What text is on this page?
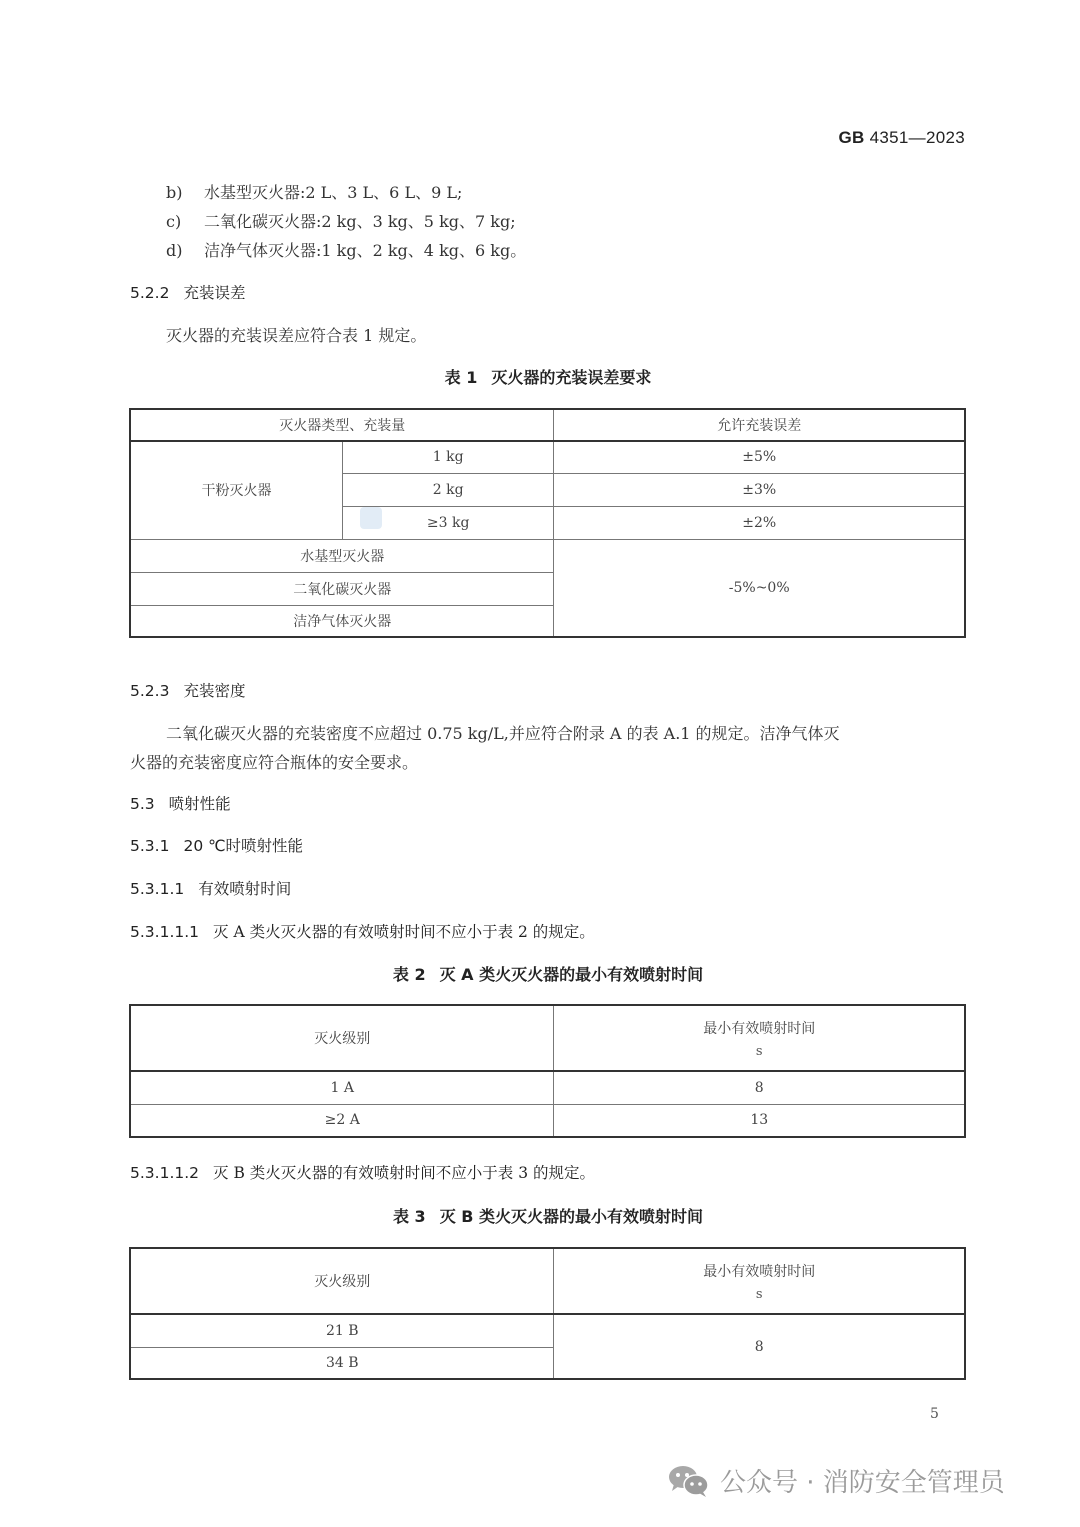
GB 4351—2023
b) 水基型灭火器:2 L、3 L、6 L、9 L;
c) 二氧化碳灭火器:2 kg、3 kg、5 kg、7 kg;
d) 洁净气体灭火器:1 kg、2 kg、4 kg、6 kg。
5.2.2 充装误差
灭火器的充装误差应符合表 1 规定。
表 1 灭火器的充装误差要求
灭火器类型、充装量		允许充装误差
干粉灭火器	1 kg	±5%
	2 kg	±3%
	≥3 kg	±2%
水基型灭火器		-5%~0%
二氧化碳灭火器		
洁净气体灭火器		
5.2.3 充装密度
二氧化碳灭火器的充装密度不应超过 0.75 kg/L,并应符合附录 A 的表 A.1 的规定。洁净气体灭
火器的充装密度应符合瓶体的安全要求。
5.3 喷射性能
5.3.1 20 ℃时喷射性能
5.3.1.1 有效喷射时间
5.3.1.1.1 灭 A 类火灭火器的有效喷射时间不应小于表 2 的规定。
表 2 灭 A 类火灭火器的最小有效喷射时间
灭火级别	最小有效喷射时间
s

1 A	8
≥2 A	13
5.3.1.1.2 灭 B 类火灭火器的有效喷射时间不应小于表 3 的规定。
表 3 灭 B 类火灭火器的最小有效喷射时间
灭火级别	最小有效喷射时间
s

21 B	8
34 B	
5
公众号 · 消防安全管理员
